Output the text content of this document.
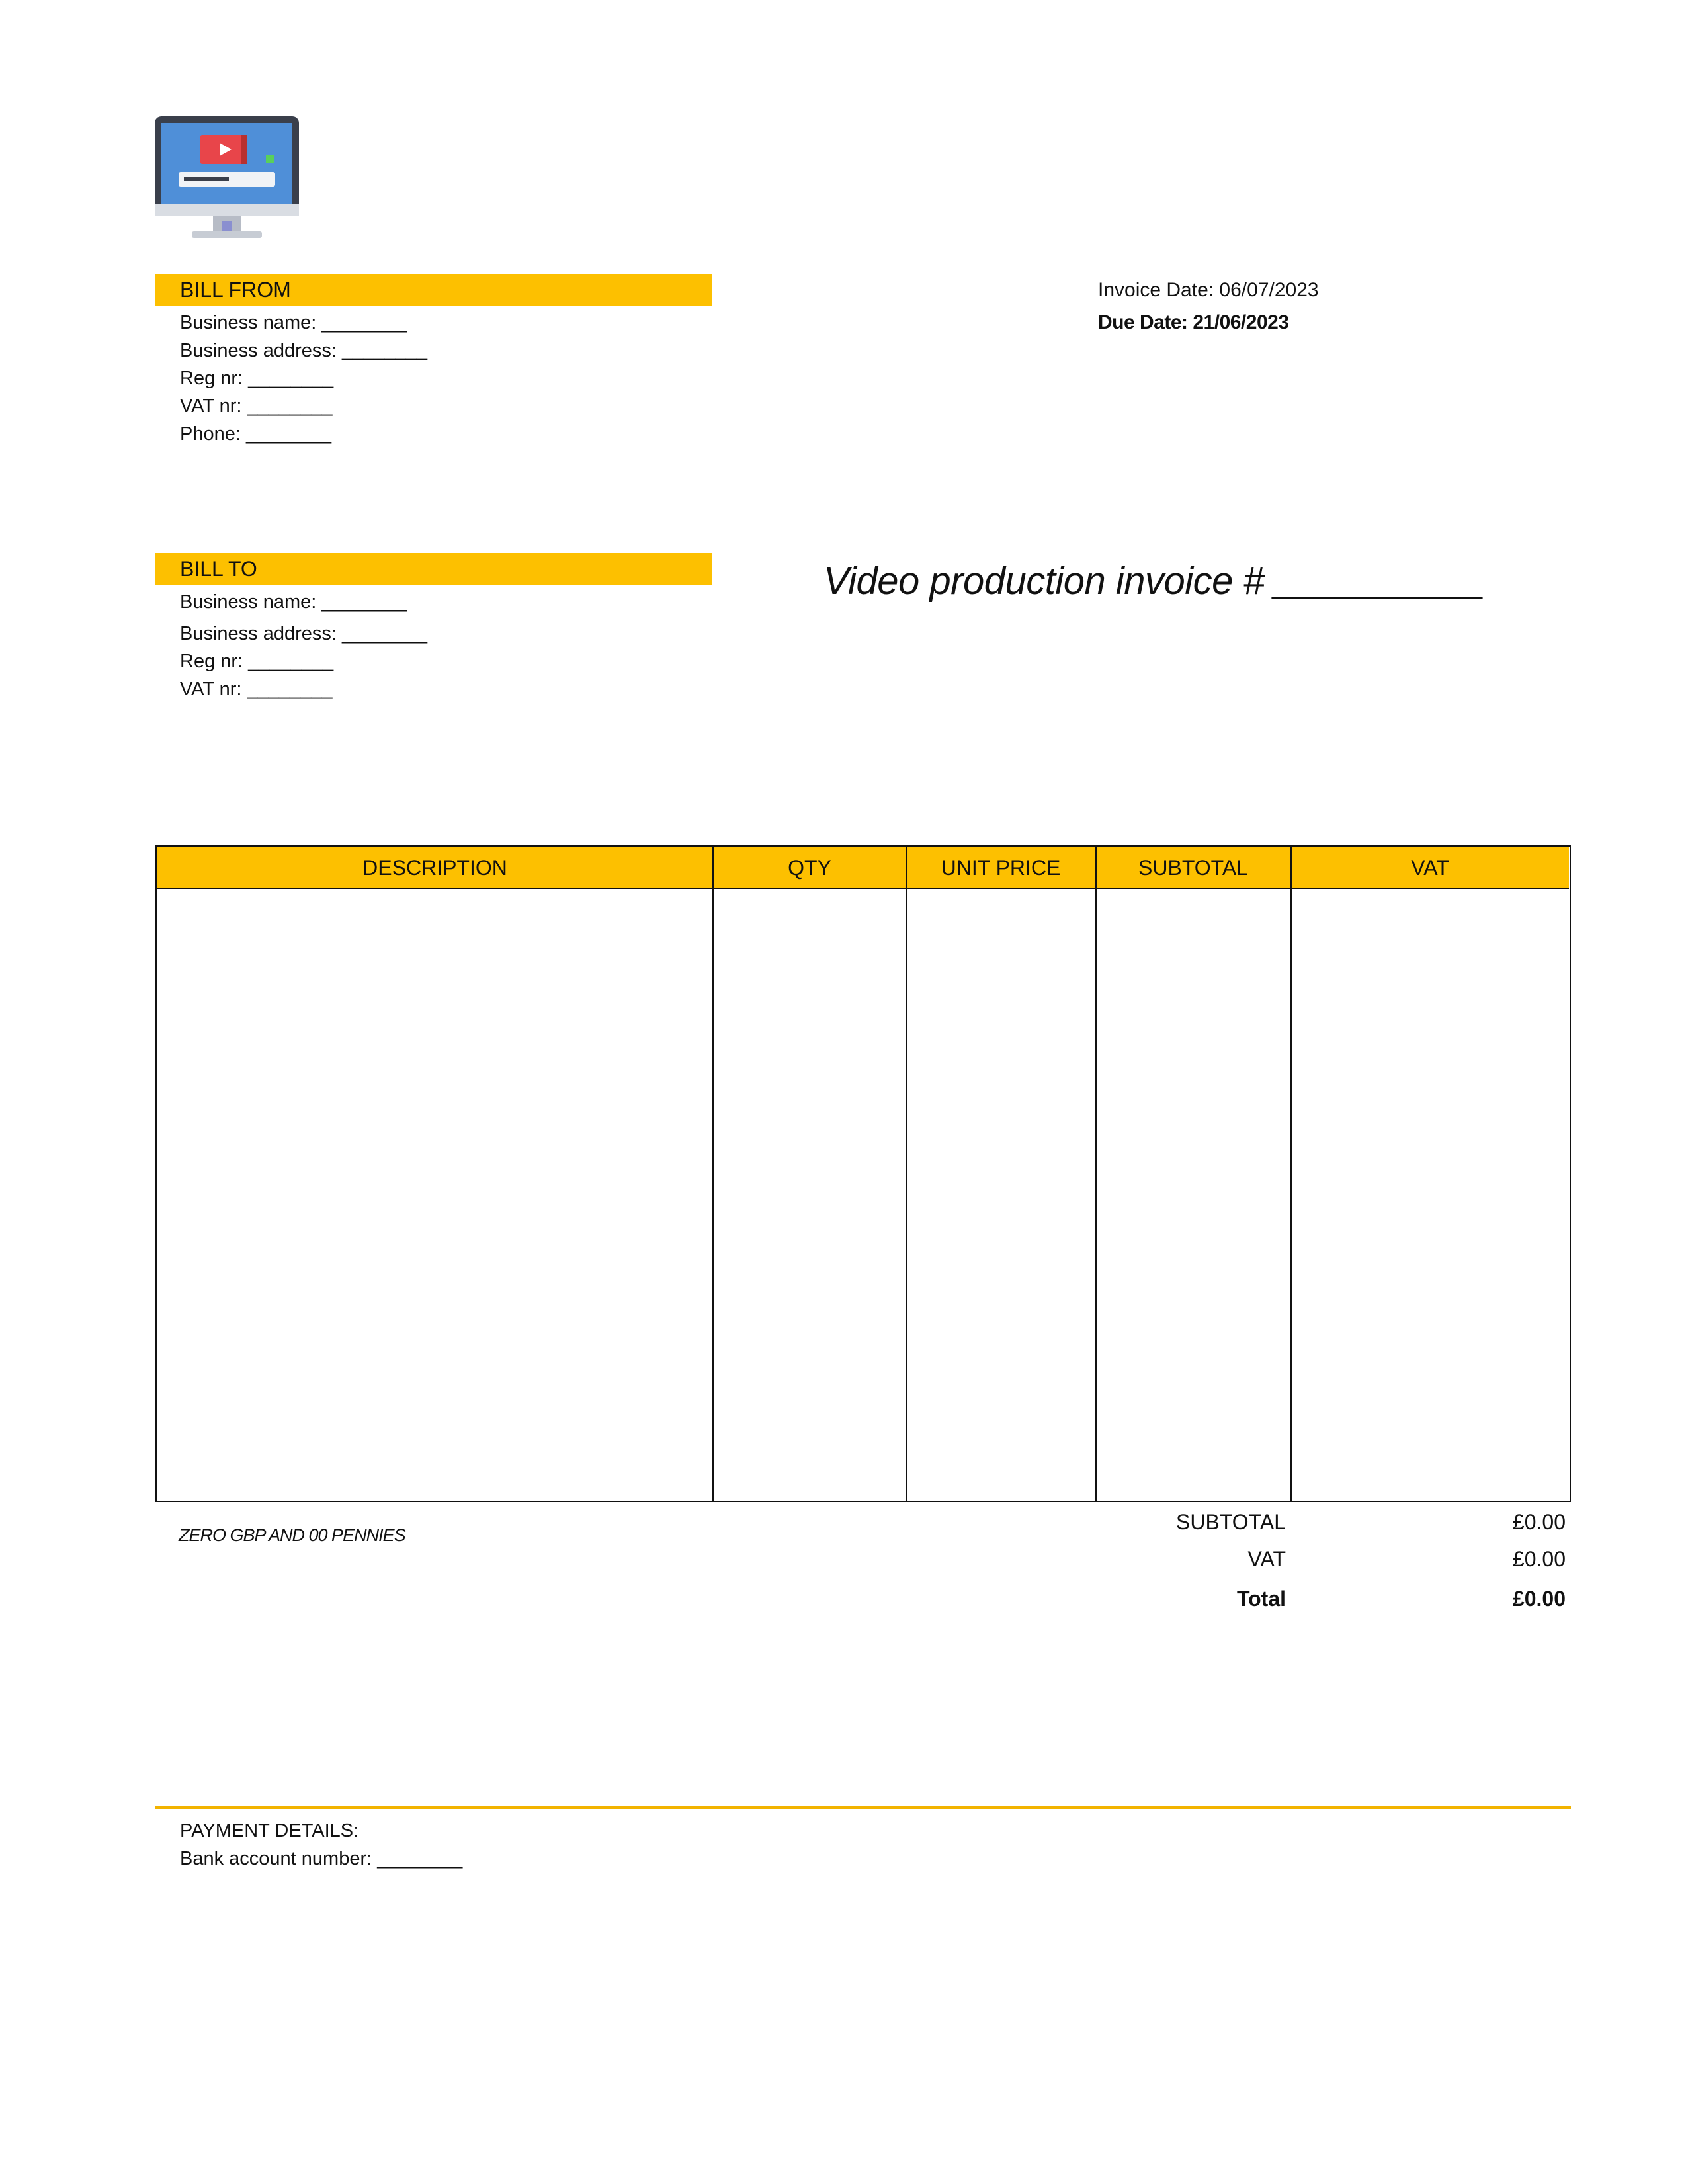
BILL FROM
Business name: ________
Business address: ________
Reg nr: ________
VAT nr: ________
Phone: ________
Invoice Date: 06/07/2023
Due Date: 21/06/2023
BILL TO
Business name: ________
Business address: ________
Reg nr: ________
VAT nr: ________
Video production invoice # __________
DESCRIPTION	QTY	UNIT PRICE	SUBTOTAL	VAT
ZERO GBP AND 00 PENNIES
SUBTOTAL	£0.00
VAT	£0.00
Total	£0.00
PAYMENT DETAILS:
Bank account number: ________
